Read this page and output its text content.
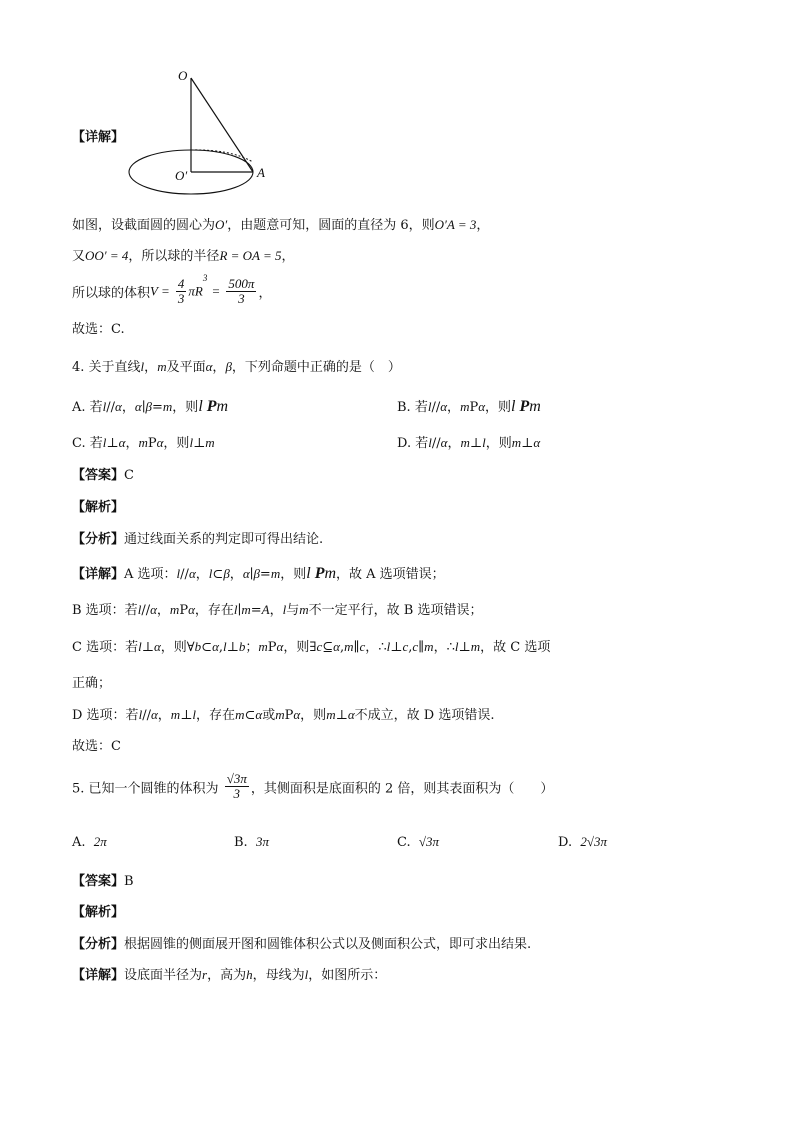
O
O′	A
【详解】
如图，设截面圆的圆心为O′，由题意可知，圆面的直径为 6，则O′A = 3，
又OO′ = 4，所以球的半径R = OA = 5，
所以球的体积$V = \frac{4}{3} \pi R^3 = \frac{500\pi}{3}$ ，
故选：C.
4. 关于直线l，m及平面α，β，下列命题中正确的是（　）
A. 若l//α，α∣β=m，则l Pm	B. 若l//α，mPα，则l Pm
C. 若l⊥α，mPα，则l⊥m	D. 若l//α，m⊥l，则m⊥α
【答案】C
【解析】
【分析】通过线面关系的判定即可得出结论.
【详解】A 选项：l//α，l⊂β，α∣β=m，则l Pm，故 A 选项错误；
B 选项：若l//α，mPα，存在l∣m=A，l与m不一定平行，故 B 选项错误；
C 选项：若l⊥α，则∀b⊂α,l⊥b；mPα，则∃c⊆α,m∥c，∴l⊥c,c∥m，∴l⊥m，故 C 选项
正确；
D 选项：若l//α，m⊥l，存在m⊂α或mPα，则m⊥α不成立，故 D 选项错误.
故选：C
5. 已知一个圆锥的体积为 $\frac{√3\pi}{3}$ ，其侧面积是底面积的 2 倍，则其表面积为（　　）
A. 2π	B. 3π	C. √3π	D. 2√3π
【答案】B
【解析】
【分析】根据圆锥的侧面展开图和圆锥体积公式以及侧面积公式，即可求出结果.
【详解】设底面半径为r，高为h，母线为l，如图所示：
